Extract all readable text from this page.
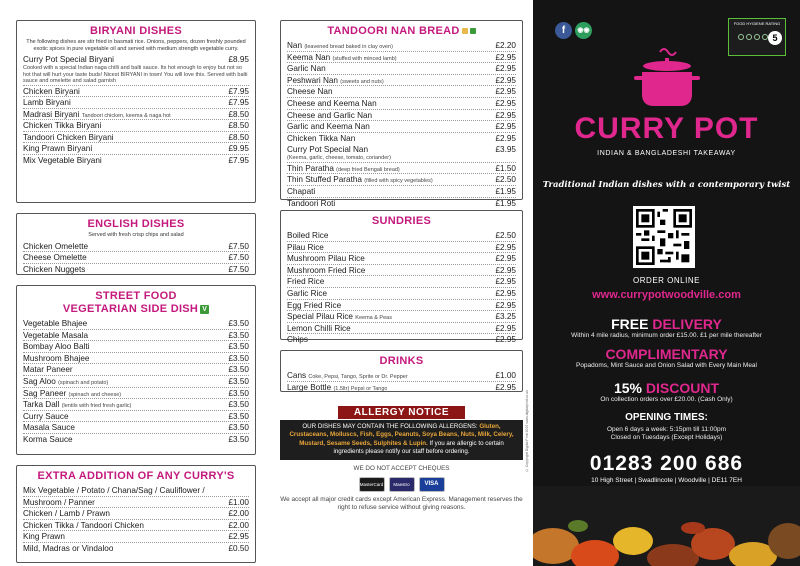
BIRYANI DISHES
The following dishes are stir fried in basmati rice. Onions, peppers, dozen freshly pounded exotic spices in pure vegetable oil and served with medium strength vegetable curry.
Curry Pot Special Biryani	£8.95
Cooked with a special Indian naga chilli and balti sauce. Its hot enough to enjoy but not so hot that will hurt your taste buds! Nicest BIRYANI in town! You will love this. Served with balti sauce and omelette and salad garnish
Chicken Biryani	£7.95
Lamb Biryani	£7.95
Madrasi Biryani Tandoori chicken, keema & naga hot	£8.50
Chicken Tikka Biryani	£8.50
Tandoori Chicken Biryani	£8.50
King Prawn Biryani	£9.95
Mix Vegetable Biryani	£7.95
ENGLISH DISHES
Served with fresh crisp chips and salad
Chicken Omelette	£7.50
Cheese Omelette	£7.50
Chicken Nuggets	£7.50
STREET FOOD
VEGETARIAN SIDE DISH V
Vegetable Bhajee	£3.50
Vegetable Masala	£3.50
Bombay Aloo Balti	£3.50
Mushroom Bhajee	£3.50
Matar Paneer	£3.50
Sag Aloo (spinach and potato)	£3.50
Sag Paneer (spinach and cheese)	£3.50
Tarka Dall (lentils with fried fresh garlic)	£3.50
Curry Sauce	£3.50
Masala Sauce	£3.50
Korma Sauce	£3.50
EXTRA ADDITION OF ANY CURRY'S
Mix Vegetable / Potato / Chana/Sag / Cauliflower /
Mushroom / Panner	£1.00
Chicken / Lamb / Prawn	£2.00
Chicken Tikka / Tandoori Chicken	£2.00
King Prawn	£2.95
Mild, Madras or Vindaloo	£0.50
TANDOORI NAN BREAD
Nan (leavened bread baked in clay oven)	£2.20
Keema Nan (stuffed with minced lamb)	£2.95
Garlic Nan	£2.95
Peshwari Nan (sweets and nuts)	£2.95
Cheese Nan	£2.95
Cheese and Keema Nan	£2.95
Cheese and Garlic Nan	£2.95
Garlic and Keema Nan	£2.95
Chicken Tikka Nan	£2.95
Curry Pot Special Nan	£3.95
(Keema, garlic, cheese, tomato, coriander)
Thin Paratha (deep fried Bengali bread)	£1.50
Thin Stuffed Paratha (filled with spicy vegetables)	£2.50
Chapati	£1.95
Tandoori Roti	£1.95
SUNDRIES
Boiled Rice	£2.50
Pilau Rice	£2.95
Mushroom Pilau Rice	£2.95
Mushroom Fried Rice	£2.95
Fried Rice	£2.95
Garlic Rice	£2.95
Egg Fried Rice	£2.95
Special Pilau Rice Keema & Peas	£3.25
Lemon Chilli Rice	£2.95
Chips	£2.95
DRINKS
Cans Coke, Pepsi, Tango, Sprite or Dr. Pepper	£1.00
Large Bottle (1.5ltr) Pepsi or Tango	£2.95
ALLERGY NOTICE
OUR DISHES MAY CONTAIN THE FOLLOWING ALLERGENS: Gluten, Crustaceans, Molluscs, Fish, Eggs, Peanuts, Soya Beans, Nuts, Milk, Celery, Mustard, Sesame Seeds, Sulphites & Lupin. If you are allergic to certain ingredients please notify our staff before ordering.
WE DO NOT ACCEPT CHEQUES
MasterCard	Maestro	VISA
We accept all major credit cards except American Express. Management reserves the right to refuse service without giving reasons.
© Copyright Digital Print 2019 www.digitalprint.co.uk
f	◉◉
FOOD HYGIENE RATING
5
CURRY POT
INDIAN & BANGLADESHI TAKEAWAY
Traditional Indian dishes with a contemporary twist
ORDER ONLINE
www.currypotwoodville.com
FREE DELIVERY
Within 4 mile radius, minimum order £15.00. £1 per mile thereafter
COMPLIMENTARY
Popadoms, Mint Sauce and Onion Salad with Every Main Meal
15% DISCOUNT
On collection orders over £20.00. (Cash Only)
OPENING TIMES:
Open 6 days a week: 5:15pm till 11:00pm
Closed on Tuesdays (Except Holidays)
01283 200 686
10 High Street | Swadlincote | Woodville | DE11 7EH
